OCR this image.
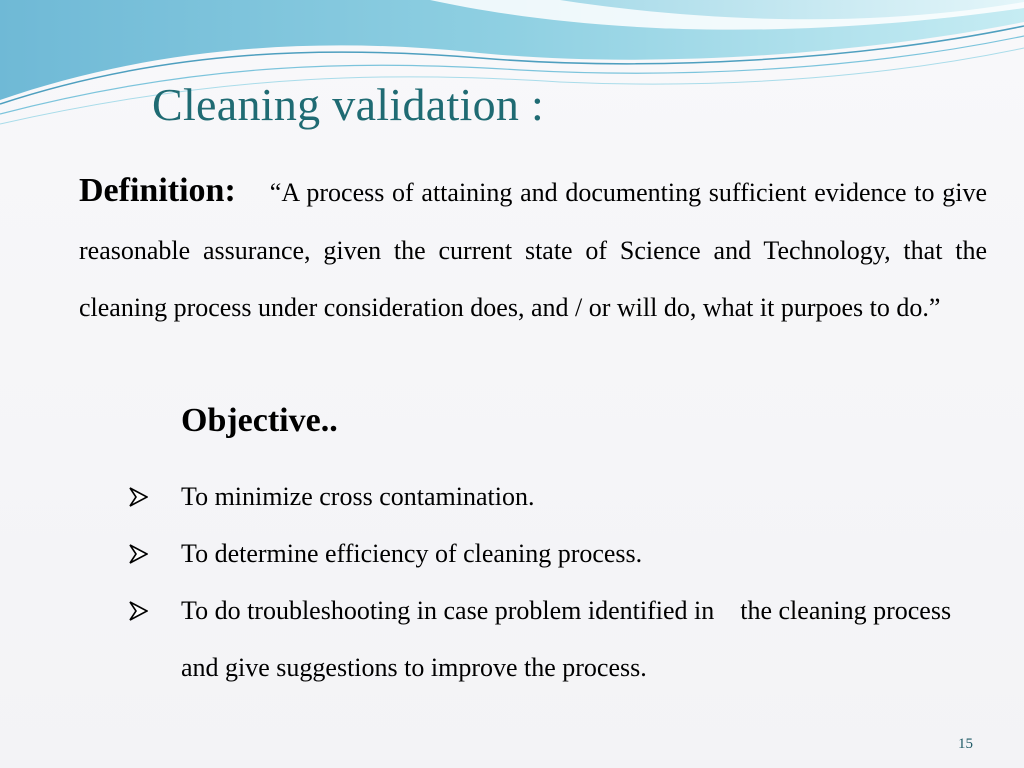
Cleaning validation :

Definition: “A process of attaining and documenting sufficient evidence to give reasonable assurance, given the current state of Science and Technology, that the cleaning process under consideration does, and / or will do, what it purpoes to do.”

Objective..
To minimize cross contamination.
To determine efficiency of cleaning process.
To do troubleshooting in case problem identified in the cleaning process and give suggestions to improve the process.
15
